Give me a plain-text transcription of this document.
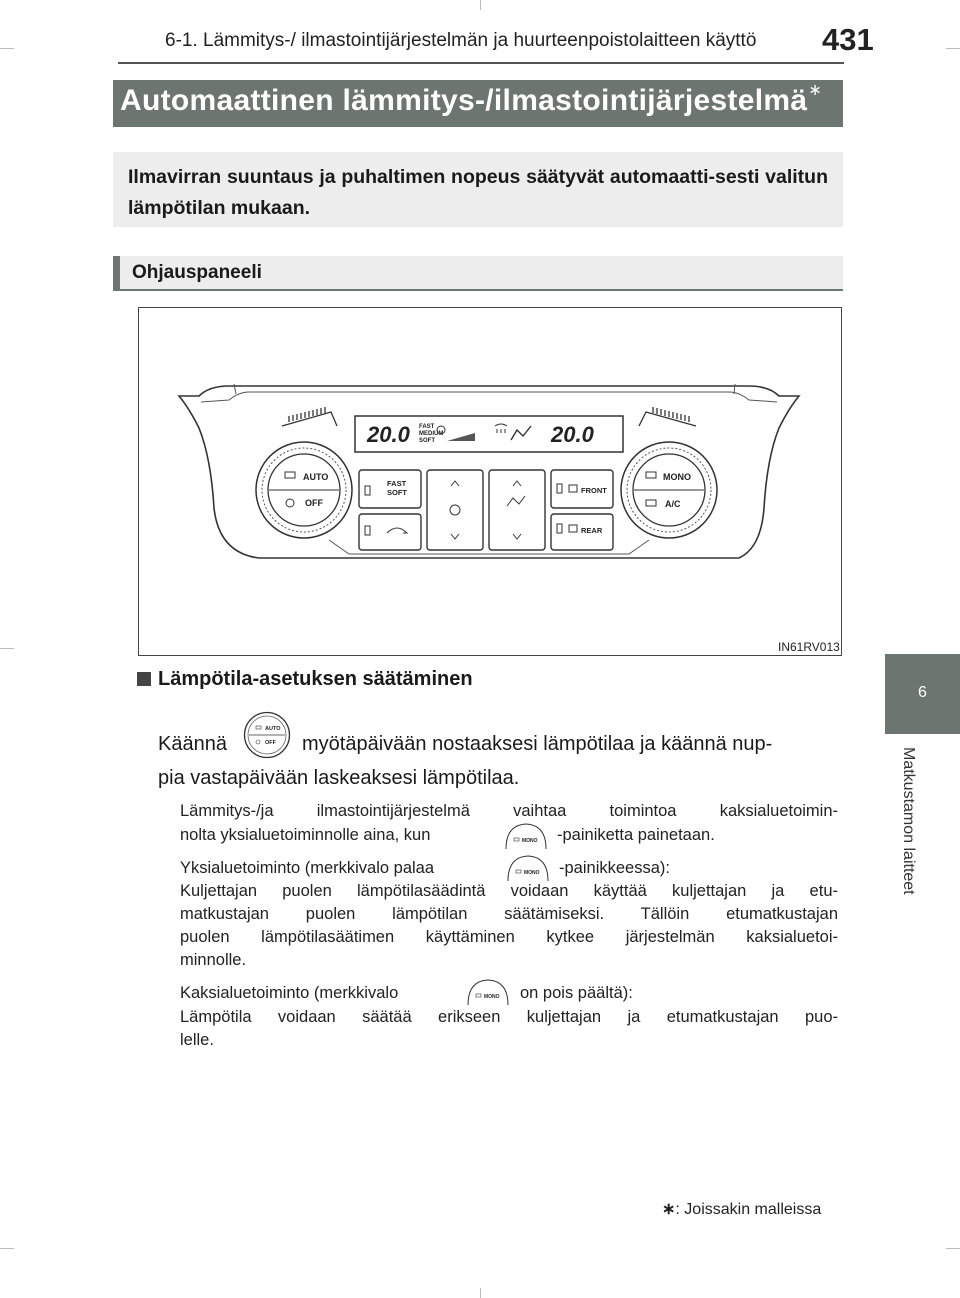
6-1. Lämmitys-/ ilmastointijärjestelmän ja huurteenpoistolaitteen käyttö 431
Automaattinen lämmitys-/ilmastointijärjestelmä∗
Ilmavirran suuntaus ja puhaltimen nopeus säätyvät automaatti-sesti valitun lämpötilan mukaan.
Ohjauspaneeli
20.0 FAST
MEDIUM
SOFT	20.0
AUTO
OFF
FAST
SOFT	FRONT
REAR
MONO
A/C
IN61RV013
Lämpötila-asetuksen säätäminen
Käännä
AUTO
OFF myötäpäivään nostaaksesi lämpötilaa ja käännä nup-
pia vastapäivään laskeaksesi lämpötilaa.
Lämmitys-/ja ilmastointijärjestelmä vaihtaa toimintoa kaksialuetoimin-
nolta yksialuetoiminnolle aina, kun	MONO -painiketta painetaan.
Yksialuetoiminto (merkkivalo palaa	MONO -painikkeessa):
Kuljettajan puolen lämpötilasäädintä voidaan käyttää kuljettajan ja etu-
matkustajan puolen lämpötilan säätämiseksi. Tällöin etumatkustajan
puolen lämpötilasäätimen käyttäminen kytkee järjestelmän kaksialuetoi-
minnolle.
Kaksialuetoiminto (merkkivalo	MONO on pois päältä):
Lämpötila voidaan säätää erikseen kuljettajan ja etumatkustajan puo-
lelle.
6
Matkustamon laitteet
∗: Joissakin malleissa
